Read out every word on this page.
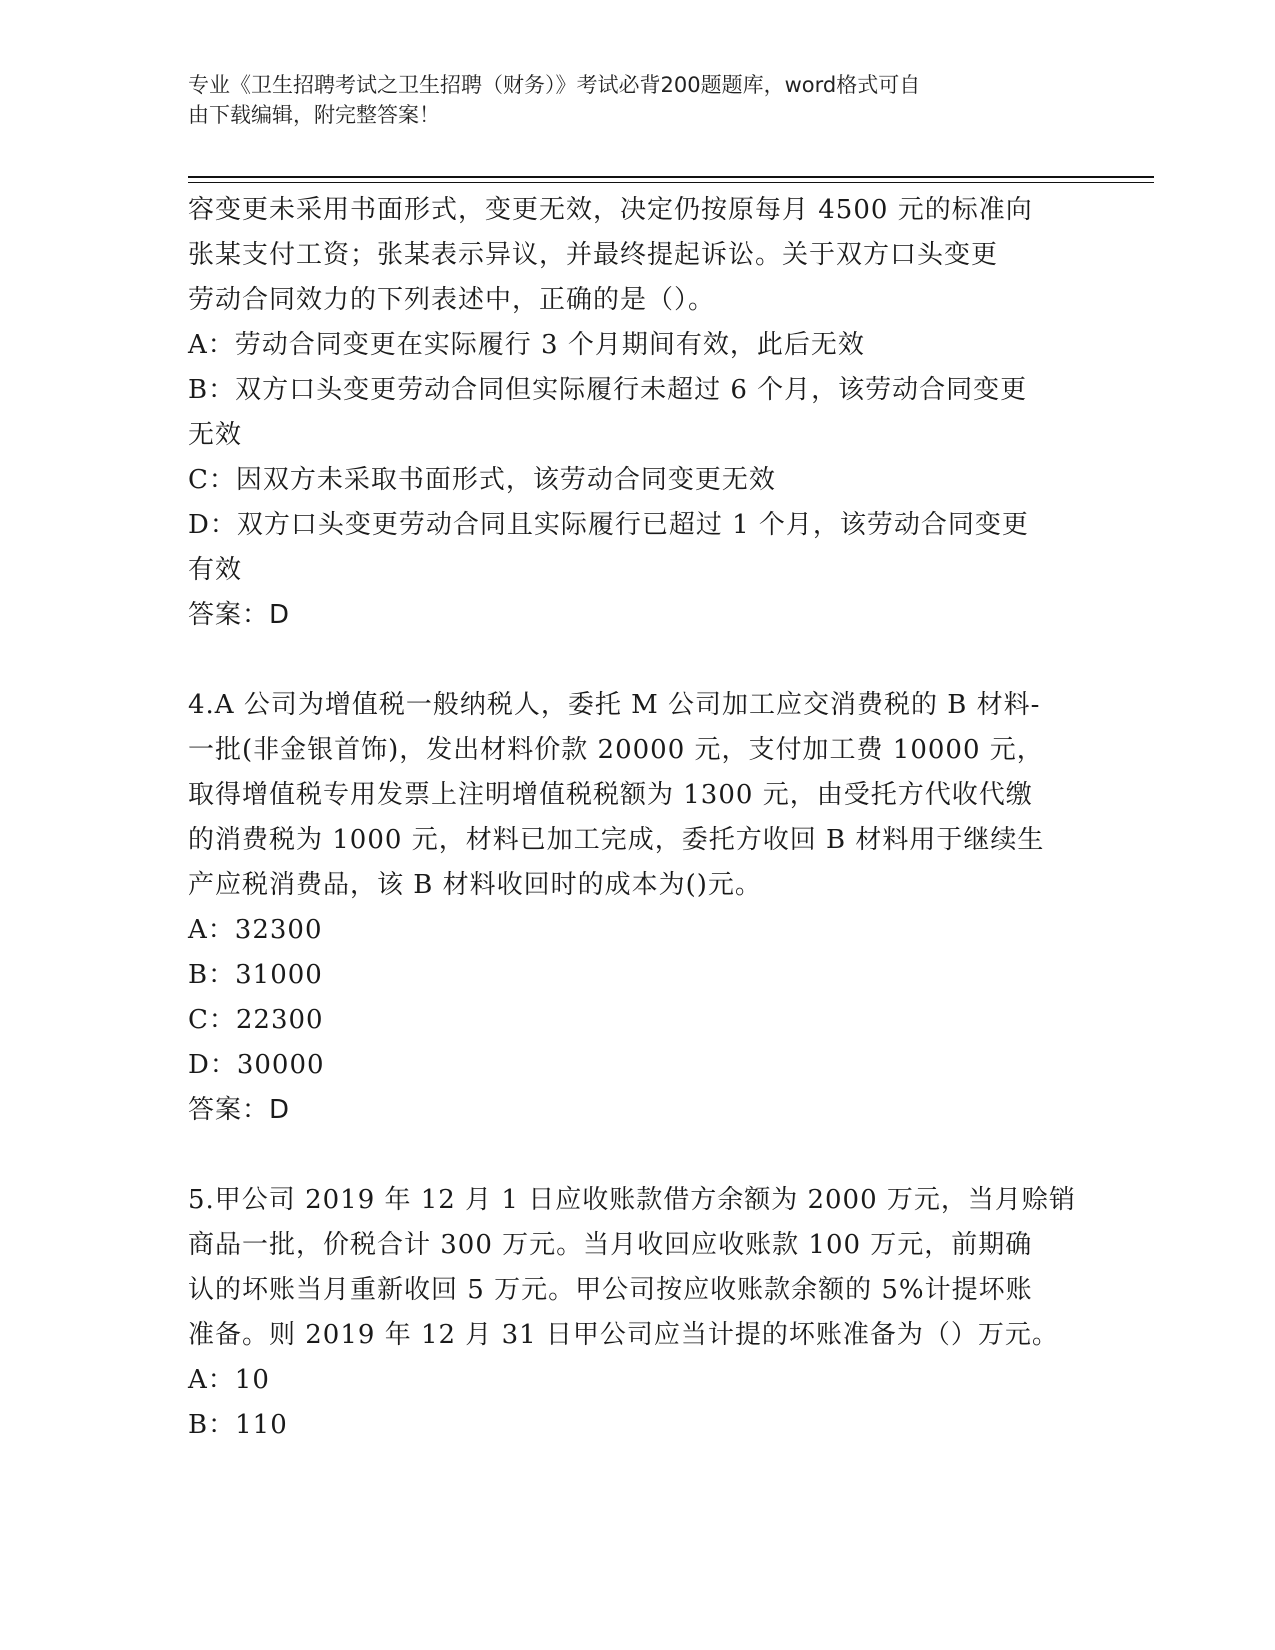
专业《卫生招聘考试之卫生招聘（财务）》考试必背200题题库，word格式可自
由下载编辑，附完整答案！

容变更未采用书面形式，变更无效，决定仍按原每月 4500 元的标准向

张某支付工资；张某表示异议，并最终提起诉讼。关于双方口头变更

劳动合同效力的下列表述中，正确的是（）。

A：劳动合同变更在实际履行 3 个月期间有效，此后无效

B：双方口头变更劳动合同但实际履行未超过 6 个月，该劳动合同变更

无效

C：因双方未采取书面形式，该劳动合同变更无效

D：双方口头变更劳动合同且实际履行已超过 1 个月，该劳动合同变更

有效

答案：D

4.A 公司为增值税一般纳税人，委托 M 公司加工应交消费税的 B 材料-

一批(非金银首饰)，发出材料价款 20000 元，支付加工费 10000 元，

取得增值税专用发票上注明增值税税额为 1300 元，由受托方代收代缴

的消费税为 1000 元，材料已加工完成，委托方收回 B 材料用于继续生

产应税消费品，该 B 材料收回时的成本为()元。

A：32300

B：31000

C：22300

D：30000

答案：D

5.甲公司 2019 年 12 月 1 日应收账款借方余额为 2000 万元，当月赊销

商品一批，价税合计 300 万元。当月收回应收账款 100 万元，前期确

认的坏账当月重新收回 5 万元。甲公司按应收账款余额的 5%计提坏账

准备。则 2019 年 12 月 31 日甲公司应当计提的坏账准备为（）万元。

A：10

B：110
